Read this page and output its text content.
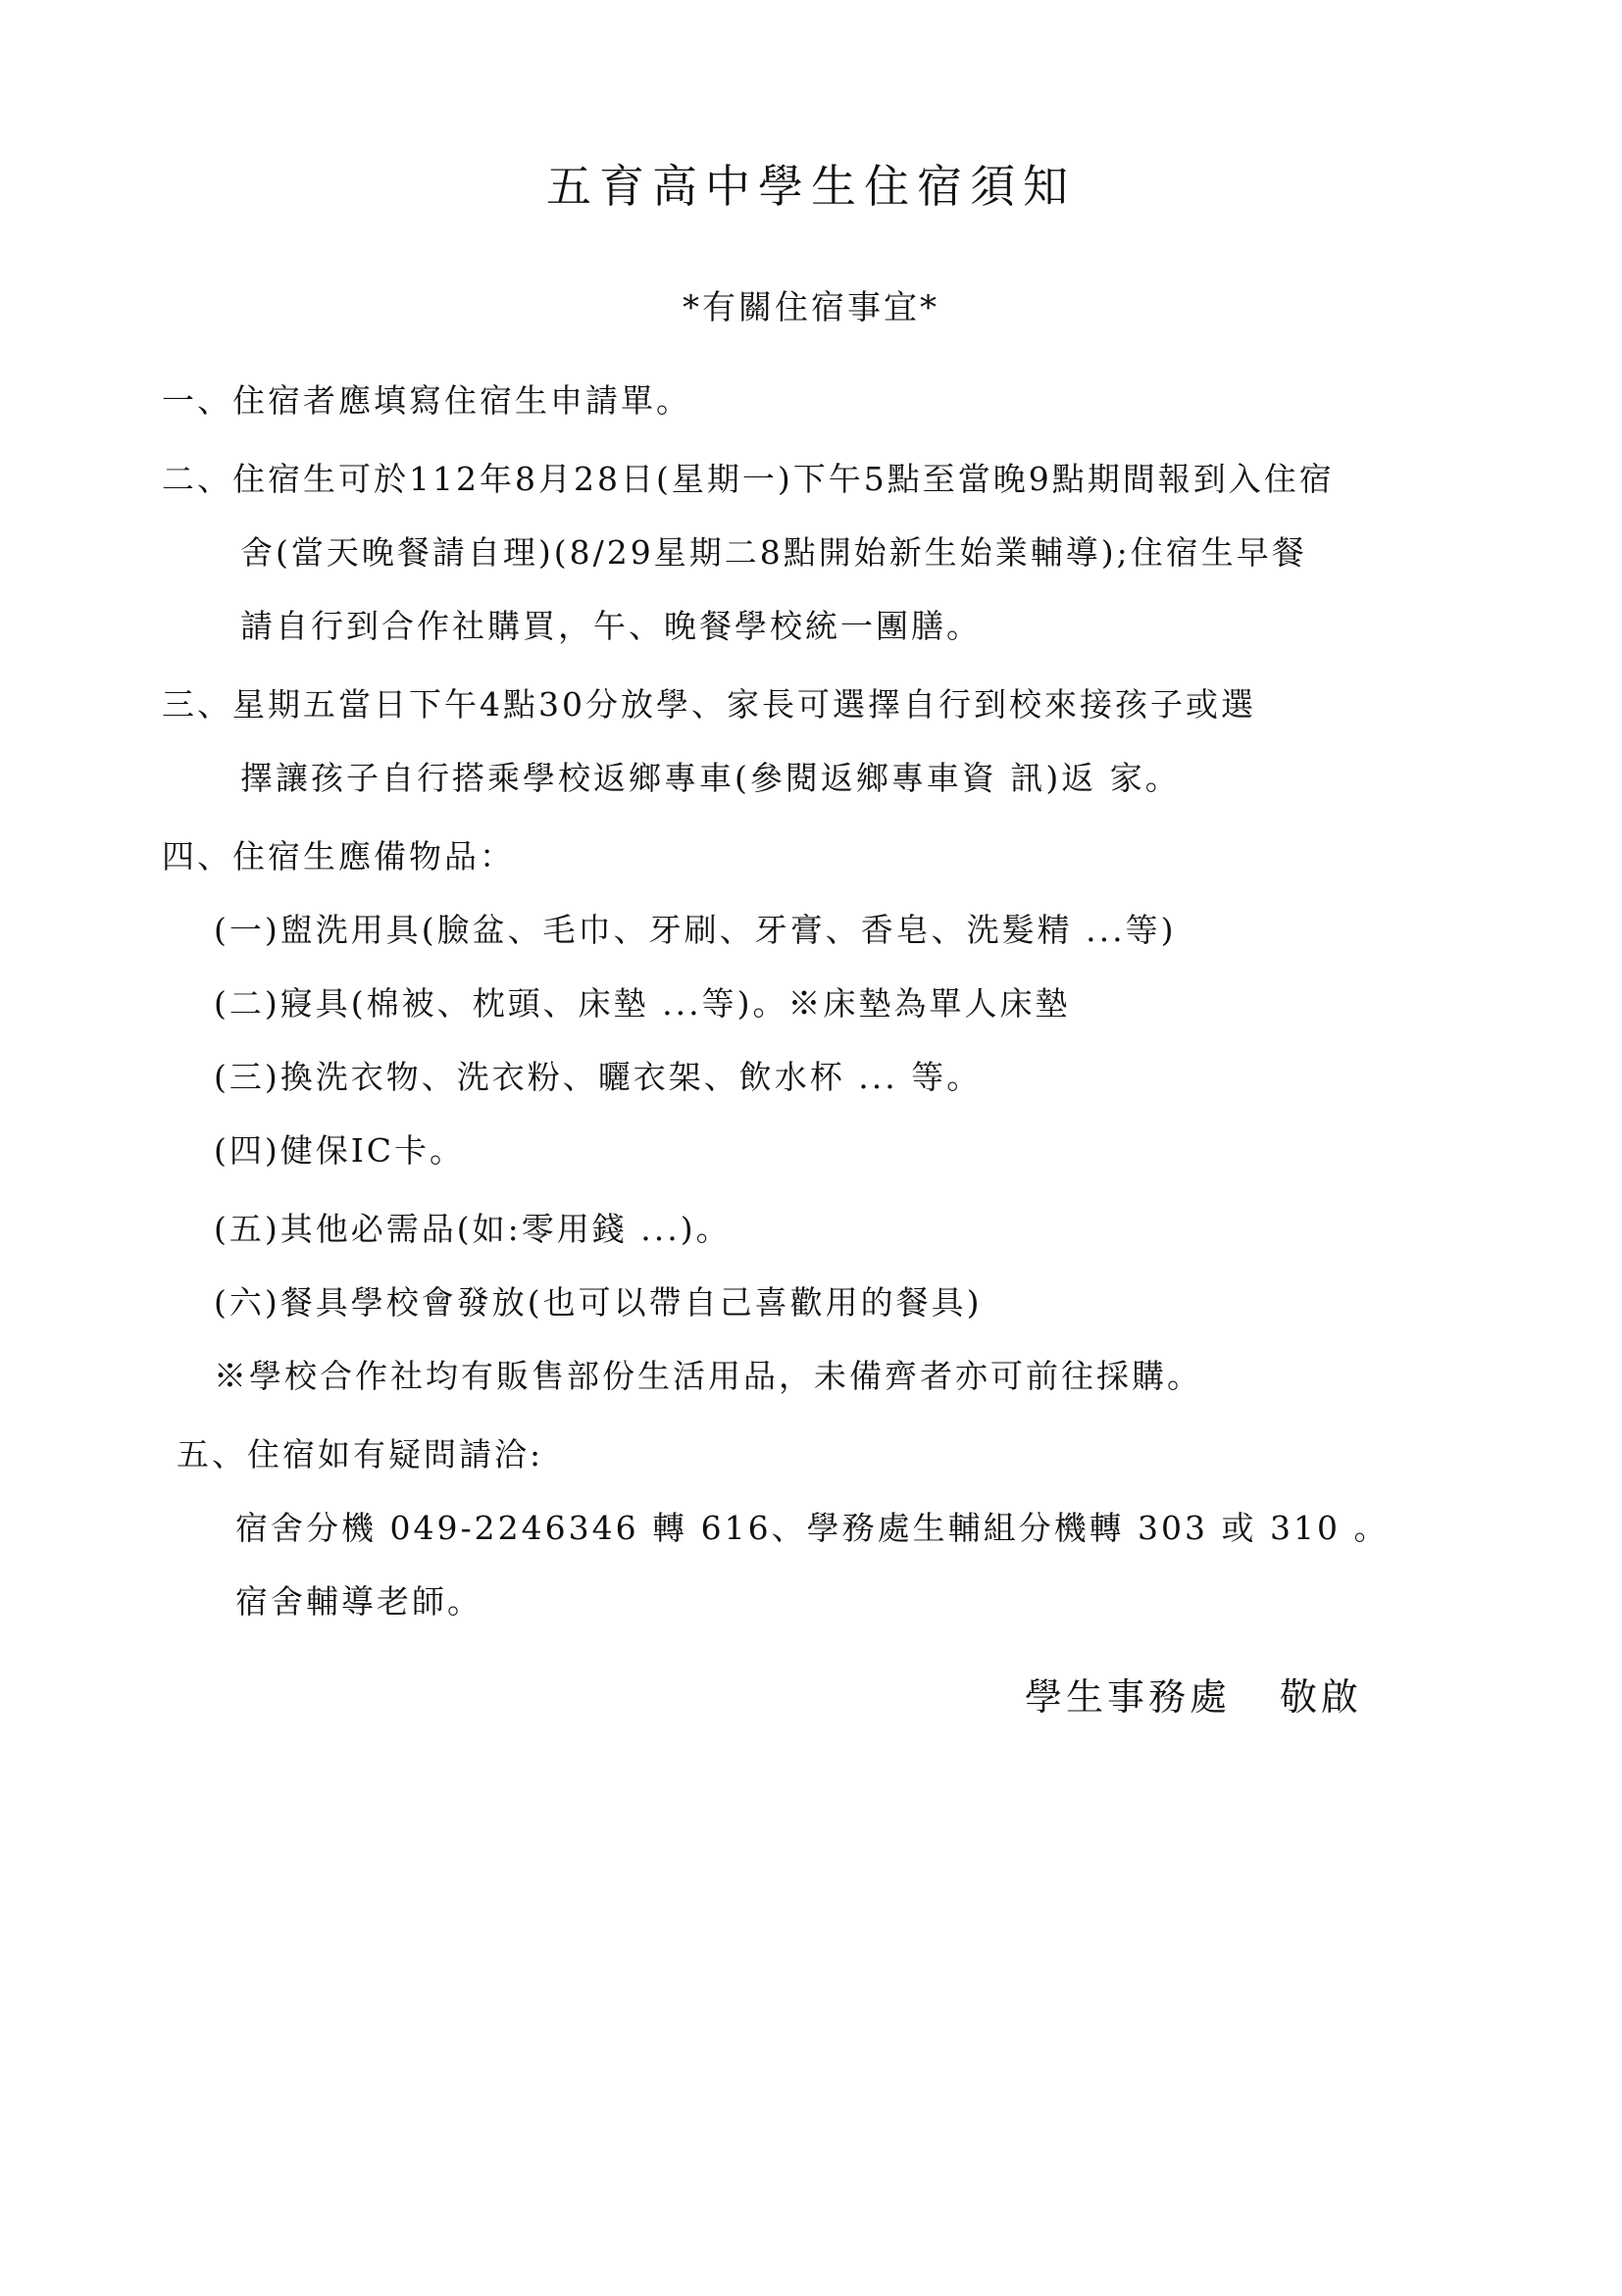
五育高中學生住宿須知
*有關住宿事宜*
一、住宿者應填寫住宿生申請單。
二、住宿生可於112年8月28日(星期一)下午5點至當晚9點期間報到入住宿
舍(當天晚餐請自理)(8/29星期二8點開始新生始業輔導);住宿生早餐
請自行到合作社購買，午、晚餐學校統一團膳。
三、星期五當日下午4點30分放學、家長可選擇自行到校來接孩子或選
擇讓孩子自行搭乘學校返鄉專車(參閱返鄉專車資 訊)返 家。
四、住宿生應備物品：
(一)盥洗用具(臉盆、毛巾、牙刷、牙膏、香皂、洗髮精 ...等)
(二)寢具(棉被、枕頭、床墊 ...等)。※床墊為單人床墊
(三)換洗衣物、洗衣粉、曬衣架、飲水杯 ... 等。
(四)健保IC卡。
(五)其他必需品(如:零用錢 ...)。
(六)餐具學校會發放(也可以帶自己喜歡用的餐具)
※學校合作社均有販售部份生活用品，未備齊者亦可前往採購。
五、住宿如有疑問請洽:
宿舍分機 049-2246346 轉 616、學務處生輔組分機轉 303 或 310 。
宿舍輔導老師。
學生事務處 敬啟
